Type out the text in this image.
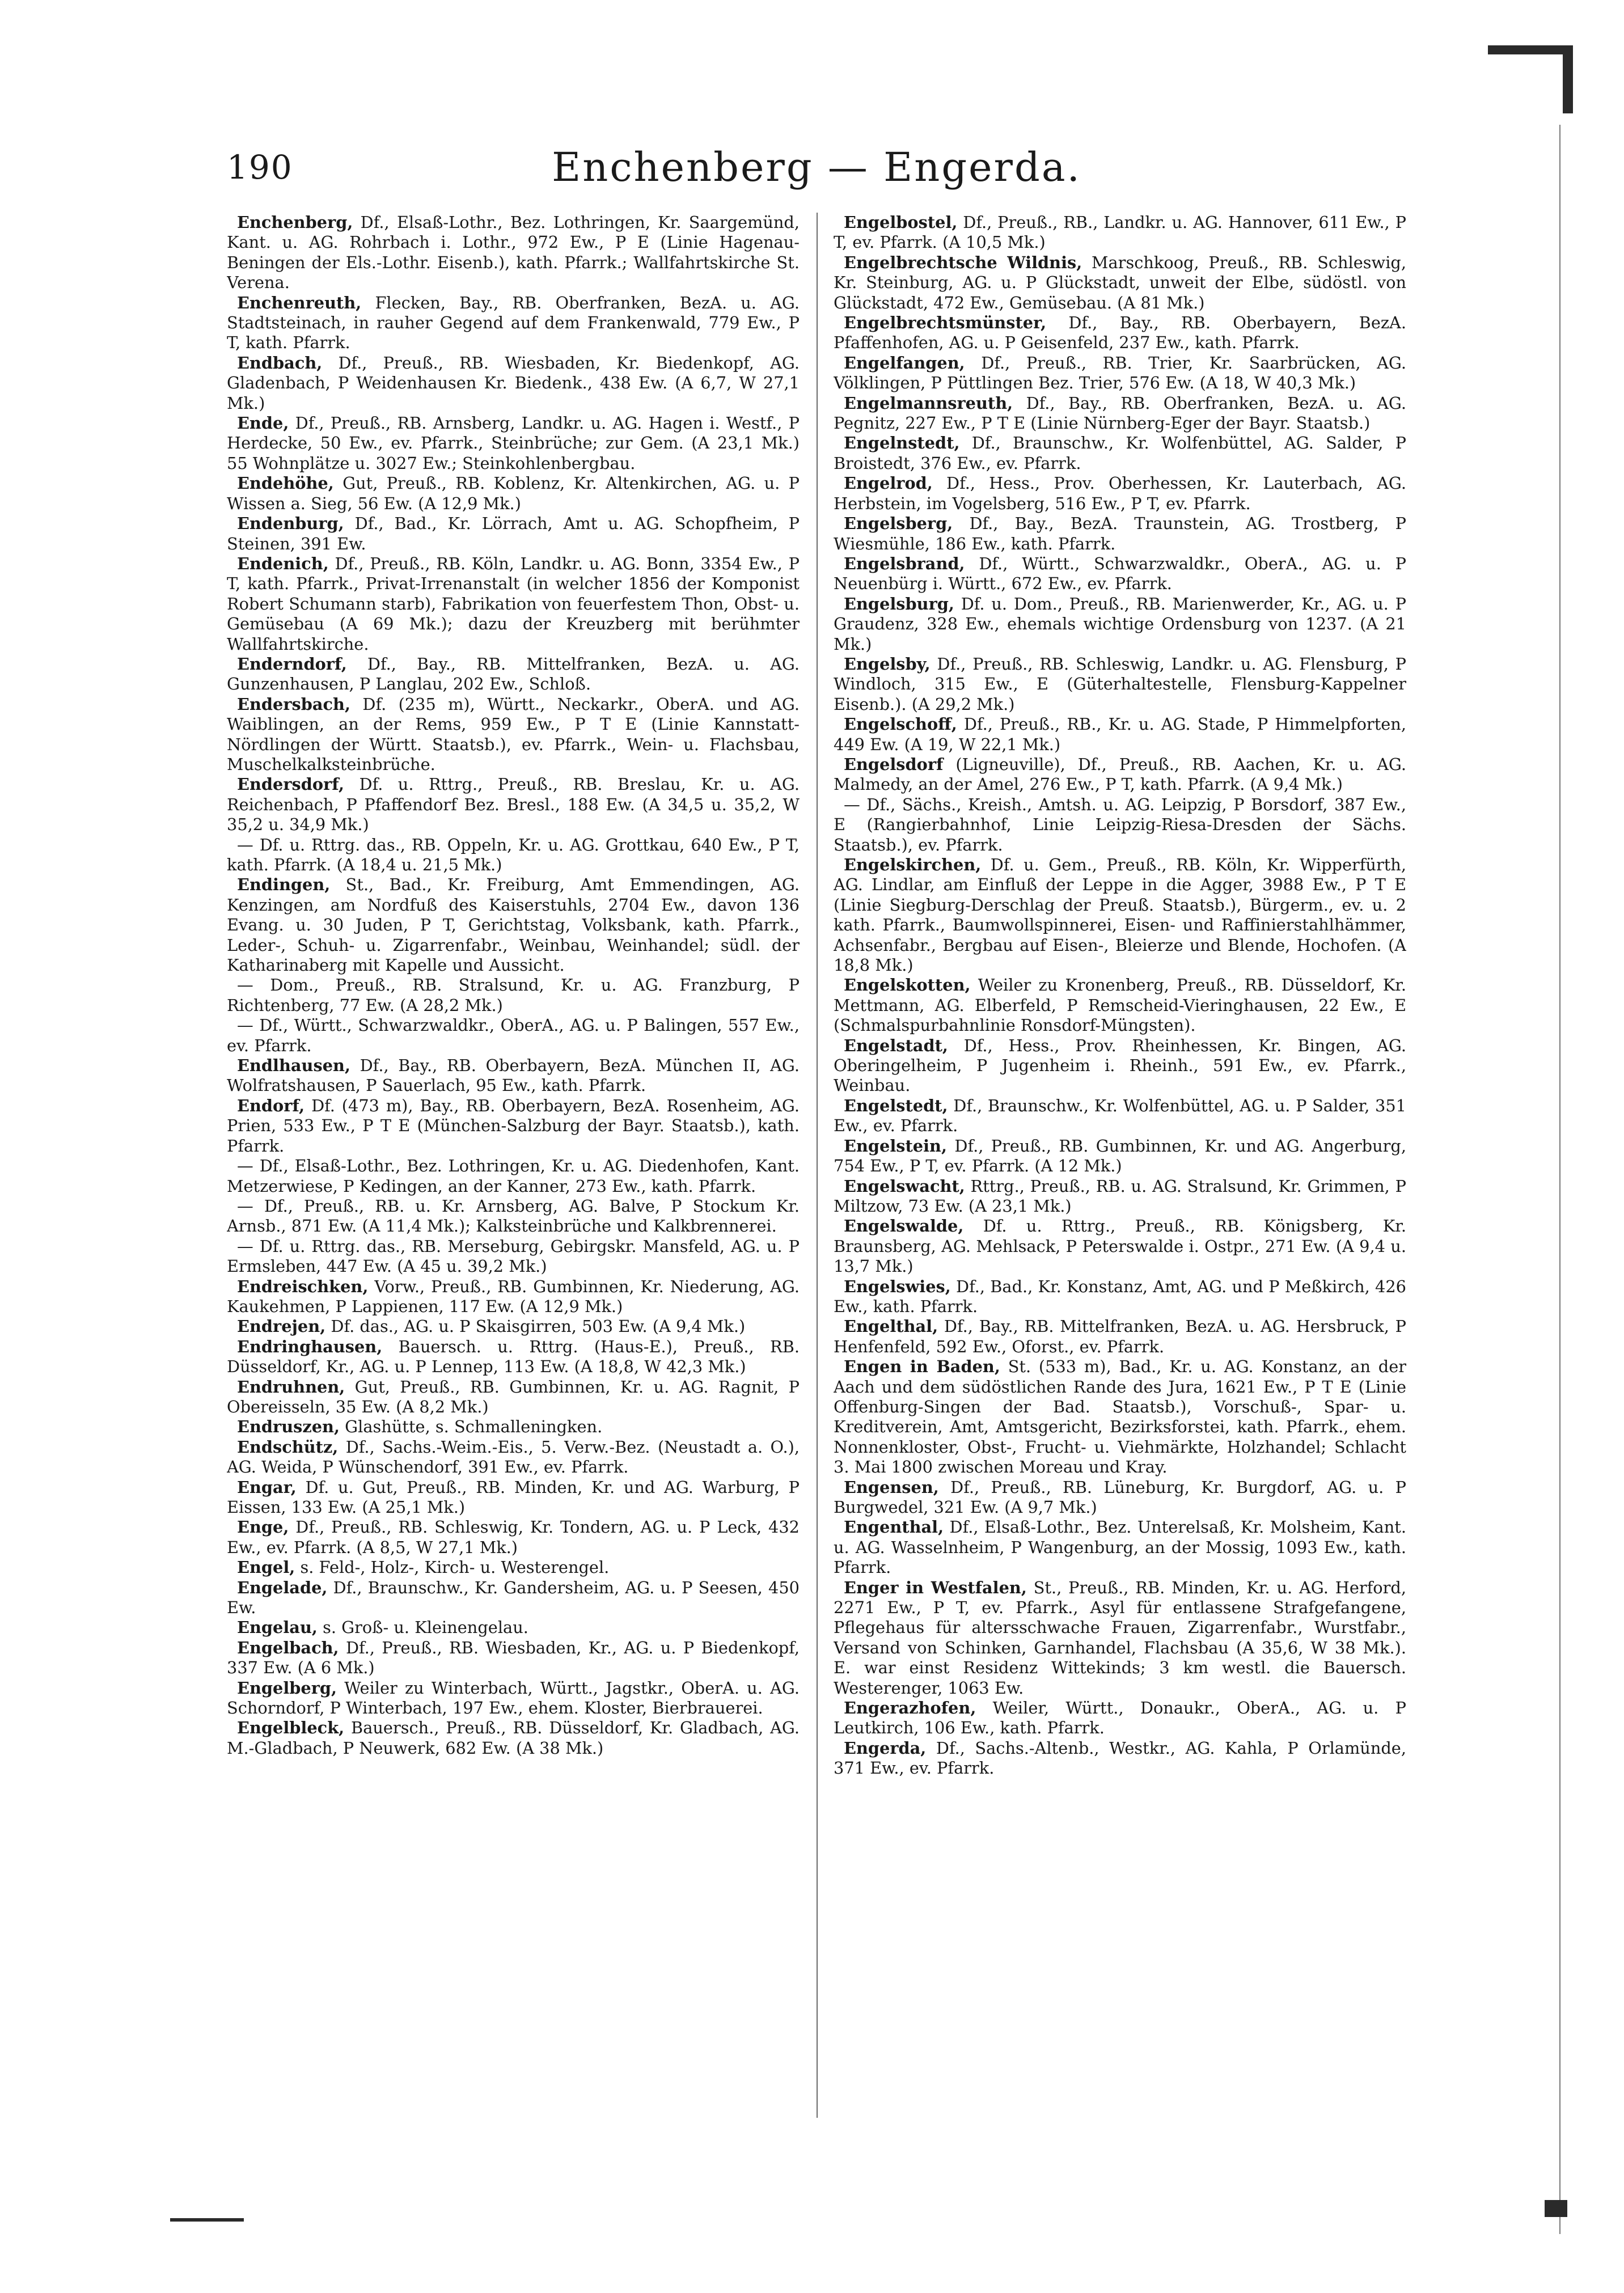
190	Enchenberg — Engerda.

Enchenberg, Df., Elsaß-Lothr., Bez. Lothringen, Kr. Saargemünd, Kant. u. AG. Rohrbach i. Lothr., 972 Ew., P E (Linie Hagenau-Beningen der Els.-Lothr. Eisenb.), kath. Pfarrk.; Wallfahrtskirche St. Verena.

Enchenreuth, Flecken, Bay., RB. Oberfranken, BezA. u. AG. Stadtsteinach, in rauher Gegend auf dem Frankenwald, 779 Ew., P T, kath. Pfarrk.

Endbach, Df., Preuß., RB. Wiesbaden, Kr. Biedenkopf, AG. Gladenbach, P Weidenhausen Kr. Biedenk., 438 Ew. (A 6,7, W 27,1 Mk.)

Ende, Df., Preuß., RB. Arnsberg, Landkr. u. AG. Hagen i. Westf., P Herdecke, 50 Ew., ev. Pfarrk., Steinbrüche; zur Gem. (A 23,1 Mk.) 55 Wohnplätze u. 3027 Ew.; Steinkohlenbergbau.

Endehöhe, Gut, Preuß., RB. Koblenz, Kr. Altenkirchen, AG. u. P Wissen a. Sieg, 56 Ew. (A 12,9 Mk.)

Endenburg, Df., Bad., Kr. Lörrach, Amt u. AG. Schopfheim, P Steinen, 391 Ew.

Endenich, Df., Preuß., RB. Köln, Landkr. u. AG. Bonn, 3354 Ew., P T, kath. Pfarrk., Privat-Irrenanstalt (in welcher 1856 der Komponist Robert Schumann starb), Fabrikation von feuerfestem Thon, Obst- u. Gemüsebau (A 69 Mk.); dazu der Kreuzberg mit berühmter Wallfahrtskirche.

Enderndorf, Df., Bay., RB. Mittelfranken, BezA. u. AG. Gunzenhausen, P Langlau, 202 Ew., Schloß.

Endersbach, Df. (235 m), Württ., Neckarkr., OberA. und AG. Waiblingen, an der Rems, 959 Ew., P T E (Linie Kannstatt-Nördlingen der Württ. Staatsb.), ev. Pfarrk., Wein- u. Flachsbau, Muschelkalksteinbrüche.

Endersdorf, Df. u. Rttrg., Preuß., RB. Breslau, Kr. u. AG. Reichenbach, P Pfaffendorf Bez. Bresl., 188 Ew. (A 34,5 u. 35,2, W 35,2 u. 34,9 Mk.)

— Df. u. Rttrg. das., RB. Oppeln, Kr. u. AG. Grottkau, 640 Ew., P T, kath. Pfarrk. (A 18,4 u. 21,5 Mk.)

Endingen, St., Bad., Kr. Freiburg, Amt Emmendingen, AG. Kenzingen, am Nordfuß des Kaiserstuhls, 2704 Ew., davon 136 Evang. u. 30 Juden, P T, Gerichtstag, Volksbank, kath. Pfarrk., Leder-, Schuh- u. Zigarrenfabr., Weinbau, Weinhandel; südl. der Katharinaberg mit Kapelle und Aussicht.

— Dom., Preuß., RB. Stralsund, Kr. u. AG. Franzburg, P Richtenberg, 77 Ew. (A 28,2 Mk.)

— Df., Württ., Schwarzwaldkr., OberA., AG. u. P Balingen, 557 Ew., ev. Pfarrk.

Endlhausen, Df., Bay., RB. Oberbayern, BezA. München II, AG. Wolfratshausen, P Sauerlach, 95 Ew., kath. Pfarrk.

Endorf, Df. (473 m), Bay., RB. Oberbayern, BezA. Rosenheim, AG. Prien, 533 Ew., P T E (München-Salzburg der Bayr. Staatsb.), kath. Pfarrk.

— Df., Elsaß-Lothr., Bez. Lothringen, Kr. u. AG. Diedenhofen, Kant. Metzerwiese, P Kedingen, an der Kanner, 273 Ew., kath. Pfarrk.

— Df., Preuß., RB. u. Kr. Arnsberg, AG. Balve, P Stockum Kr. Arnsb., 871 Ew. (A 11,4 Mk.); Kalksteinbrüche und Kalkbrennerei.

— Df. u. Rttrg. das., RB. Merseburg, Gebirgskr. Mansfeld, AG. u. P Ermsleben, 447 Ew. (A 45 u. 39,2 Mk.)

Endreischken, Vorw., Preuß., RB. Gumbinnen, Kr. Niederung, AG. Kaukehmen, P Lappienen, 117 Ew. (A 12,9 Mk.)

Endrejen, Df. das., AG. u. P Skaisgirren, 503 Ew. (A 9,4 Mk.)

Endringhausen, Bauersch. u. Rttrg. (Haus-E.), Preuß., RB. Düsseldorf, Kr., AG. u. P Lennep, 113 Ew. (A 18,8, W 42,3 Mk.)

Endruhnen, Gut, Preuß., RB. Gumbinnen, Kr. u. AG. Ragnit, P Obereisseln, 35 Ew. (A 8,2 Mk.)

Endruszen, Glashütte, s. Schmalleningken.

Endschütz, Df., Sachs.-Weim.-Eis., 5. Verw.-Bez. (Neustadt a. O.), AG. Weida, P Wünschendorf, 391 Ew., ev. Pfarrk.

Engar, Df. u. Gut, Preuß., RB. Minden, Kr. und AG. Warburg, P Eissen, 133 Ew. (A 25,1 Mk.)

Enge, Df., Preuß., RB. Schleswig, Kr. Tondern, AG. u. P Leck, 432 Ew., ev. Pfarrk. (A 8,5, W 27,1 Mk.)

Engel, s. Feld-, Holz-, Kirch- u. Westerengel.

Engelade, Df., Braunschw., Kr. Gandersheim, AG. u. P Seesen, 450 Ew.

Engelau, s. Groß- u. Kleinengelau.

Engelbach, Df., Preuß., RB. Wiesbaden, Kr., AG. u. P Biedenkopf, 337 Ew. (A 6 Mk.)

Engelberg, Weiler zu Winterbach, Württ., Jagstkr., OberA. u. AG. Schorndorf, P Winterbach, 197 Ew., ehem. Kloster, Bierbrauerei.

Engelbleck, Bauersch., Preuß., RB. Düsseldorf, Kr. Gladbach, AG. M.-Gladbach, P Neuwerk, 682 Ew. (A 38 Mk.)

Engelbostel, Df., Preuß., RB., Landkr. u. AG. Hannover, 611 Ew., P T, ev. Pfarrk. (A 10,5 Mk.)

Engelbrechtsche Wildnis, Marschkoog, Preuß., RB. Schleswig, Kr. Steinburg, AG. u. P Glückstadt, unweit der Elbe, südöstl. von Glückstadt, 472 Ew., Gemüsebau. (A 81 Mk.)

Engelbrechtsmünster, Df., Bay., RB. Oberbayern, BezA. Pfaffenhofen, AG. u. P Geisenfeld, 237 Ew., kath. Pfarrk.

Engelfangen, Df., Preuß., RB. Trier, Kr. Saarbrücken, AG. Völklingen, P Püttlingen Bez. Trier, 576 Ew. (A 18, W 40,3 Mk.)

Engelmannsreuth, Df., Bay., RB. Oberfranken, BezA. u. AG. Pegnitz, 227 Ew., P T E (Linie Nürnberg-Eger der Bayr. Staatsb.)

Engelnstedt, Df., Braunschw., Kr. Wolfenbüttel, AG. Salder, P Broistedt, 376 Ew., ev. Pfarrk.

Engelrod, Df., Hess., Prov. Oberhessen, Kr. Lauterbach, AG. Herbstein, im Vogelsberg, 516 Ew., P T, ev. Pfarrk.

Engelsberg, Df., Bay., BezA. Traunstein, AG. Trostberg, P Wiesmühle, 186 Ew., kath. Pfarrk.

Engelsbrand, Df., Württ., Schwarzwaldkr., OberA., AG. u. P Neuenbürg i. Württ., 672 Ew., ev. Pfarrk.

Engelsburg, Df. u. Dom., Preuß., RB. Marienwerder, Kr., AG. u. P Graudenz, 328 Ew., ehemals wichtige Ordensburg von 1237. (A 21 Mk.)

Engelsby, Df., Preuß., RB. Schleswig, Landkr. u. AG. Flensburg, P Windloch, 315 Ew., E (Güterhaltestelle, Flensburg-Kappelner Eisenb.). (A 29,2 Mk.)

Engelschoff, Df., Preuß., RB., Kr. u. AG. Stade, P Himmelpforten, 449 Ew. (A 19, W 22,1 Mk.)

Engelsdorf (Ligneuville), Df., Preuß., RB. Aachen, Kr. u. AG. Malmedy, an der Amel, 276 Ew., P T, kath. Pfarrk. (A 9,4 Mk.)

— Df., Sächs., Kreish., Amtsh. u. AG. Leipzig, P Borsdorf, 387 Ew., E (Rangierbahnhof, Linie Leipzig-Riesa-Dresden der Sächs. Staatsb.), ev. Pfarrk.

Engelskirchen, Df. u. Gem., Preuß., RB. Köln, Kr. Wipperfürth, AG. Lindlar, am Einfluß der Leppe in die Agger, 3988 Ew., P T E (Linie Siegburg-Derschlag der Preuß. Staatsb.), Bürgerm., ev. u. 2 kath. Pfarrk., Baumwollspinnerei, Eisen- und Raffinierstahlhämmer, Achsenfabr., Bergbau auf Eisen-, Bleierze und Blende, Hochofen. (A 18,8 Mk.)

Engelskotten, Weiler zu Kronenberg, Preuß., RB. Düsseldorf, Kr. Mettmann, AG. Elberfeld, P Remscheid-Vieringhausen, 22 Ew., E (Schmalspurbahnlinie Ronsdorf-Müngsten).

Engelstadt, Df., Hess., Prov. Rheinhessen, Kr. Bingen, AG. Oberingelheim, P Jugenheim i. Rheinh., 591 Ew., ev. Pfarrk., Weinbau.

Engelstedt, Df., Braunschw., Kr. Wolfenbüttel, AG. u. P Salder, 351 Ew., ev. Pfarrk.

Engelstein, Df., Preuß., RB. Gumbinnen, Kr. und AG. Angerburg, 754 Ew., P T, ev. Pfarrk. (A 12 Mk.)

Engelswacht, Rttrg., Preuß., RB. u. AG. Stralsund, Kr. Grimmen, P Miltzow, 73 Ew. (A 23,1 Mk.)

Engelswalde, Df. u. Rttrg., Preuß., RB. Königsberg, Kr. Braunsberg, AG. Mehlsack, P Peterswalde i. Ostpr., 271 Ew. (A 9,4 u. 13,7 Mk.)

Engelswies, Df., Bad., Kr. Konstanz, Amt, AG. und P Meßkirch, 426 Ew., kath. Pfarrk.

Engelthal, Df., Bay., RB. Mittelfranken, BezA. u. AG. Hersbruck, P Henfenfeld, 592 Ew., Oforst., ev. Pfarrk.

Engen in Baden, St. (533 m), Bad., Kr. u. AG. Konstanz, an der Aach und dem südöstlichen Rande des Jura, 1621 Ew., P T E (Linie Offenburg-Singen der Bad. Staatsb.), Vorschuß-, Spar- u. Kreditverein, Amt, Amtsgericht, Bezirksforstei, kath. Pfarrk., ehem. Nonnenkloster, Obst-, Frucht- u. Viehmärkte, Holzhandel; Schlacht 3. Mai 1800 zwischen Moreau und Kray.

Engensen, Df., Preuß., RB. Lüneburg, Kr. Burgdorf, AG. u. P Burgwedel, 321 Ew. (A 9,7 Mk.)

Engenthal, Df., Elsaß-Lothr., Bez. Unterelsaß, Kr. Molsheim, Kant. u. AG. Wasselnheim, P Wangenburg, an der Mossig, 1093 Ew., kath. Pfarrk.

Enger in Westfalen, St., Preuß., RB. Minden, Kr. u. AG. Herford, 2271 Ew., P T, ev. Pfarrk., Asyl für entlassene Strafgefangene, Pflegehaus für altersschwache Frauen, Zigarrenfabr., Wurstfabr., Versand von Schinken, Garnhandel, Flachsbau (A 35,6, W 38 Mk.). E. war einst Residenz Wittekinds; 3 km westl. die Bauersch. Westerenger, 1063 Ew.

Engerazhofen, Weiler, Württ., Donaukr., OberA., AG. u. P Leutkirch, 106 Ew., kath. Pfarrk.

Engerda, Df., Sachs.-Altenb., Westkr., AG. Kahla, P Orlamünde, 371 Ew., ev. Pfarrk.
